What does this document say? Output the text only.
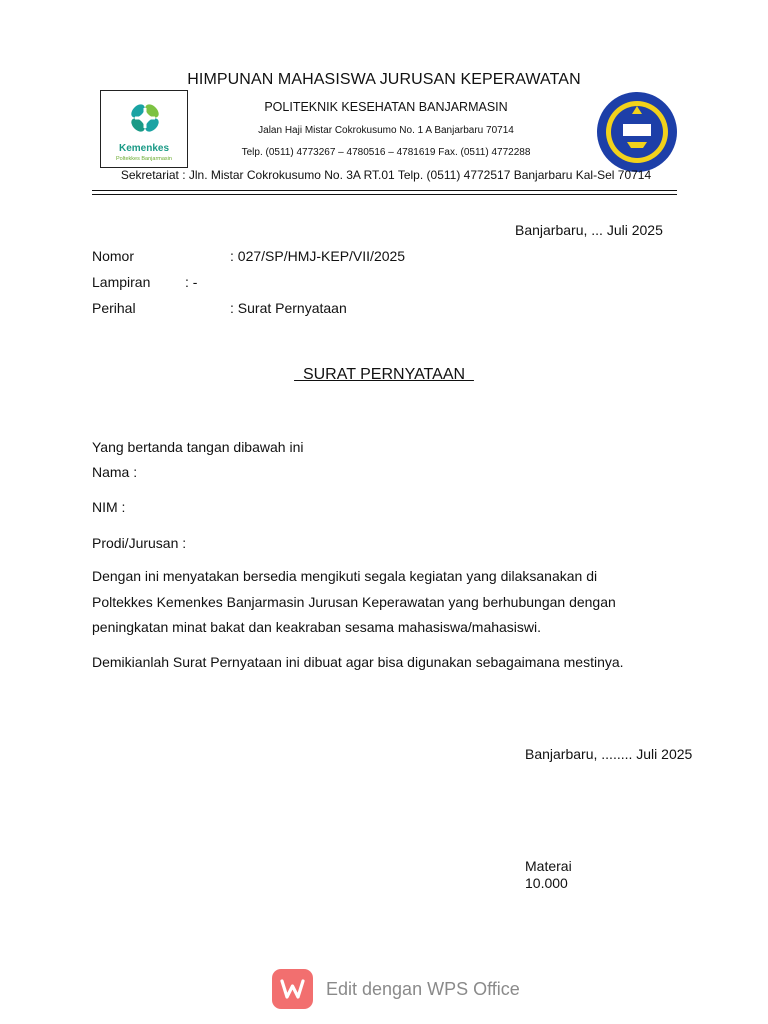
Kemenkes
Poltekkes Banjarmasin
HIMPUNAN MAHASISWA JURUSAN KEPERAWATAN
POLITEKNIK KESEHATAN BANJARMASIN
Jalan Haji Mistar Cokrokusumo No. 1 A Banjarbaru 70714
Telp. (0511) 4773267 – 4780516 – 4781619 Fax. (0511) 4772288
Sekretariat : Jln. Mistar Cokrokusumo No. 3A RT.01 Telp. (0511) 4772517 Banjarbaru Kal-Sel 70714
Banjarbaru, ... Juli 2025
Nomor	: 027/SP/HMJ-KEP/VII/2025
Lampiran : -
Perihal	: Surat Pernyataan
SURAT PERNYATAAN
Yang bertanda tangan dibawah ini
Nama :
NIM :
Prodi/Jurusan :
Dengan ini menyatakan bersedia mengikuti segala kegiatan yang dilaksanakan di
Poltekkes Kemenkes Banjarmasin Jurusan Keperawatan yang berhubungan dengan
peningkatan minat bakat dan keakraban sesama mahasiswa/mahasiswi.
Demikianlah Surat Pernyataan ini dibuat agar bisa digunakan sebagaimana mestinya.
Banjarbaru, ........ Juli 2025
Materai
10.000
Edit dengan WPS Office
